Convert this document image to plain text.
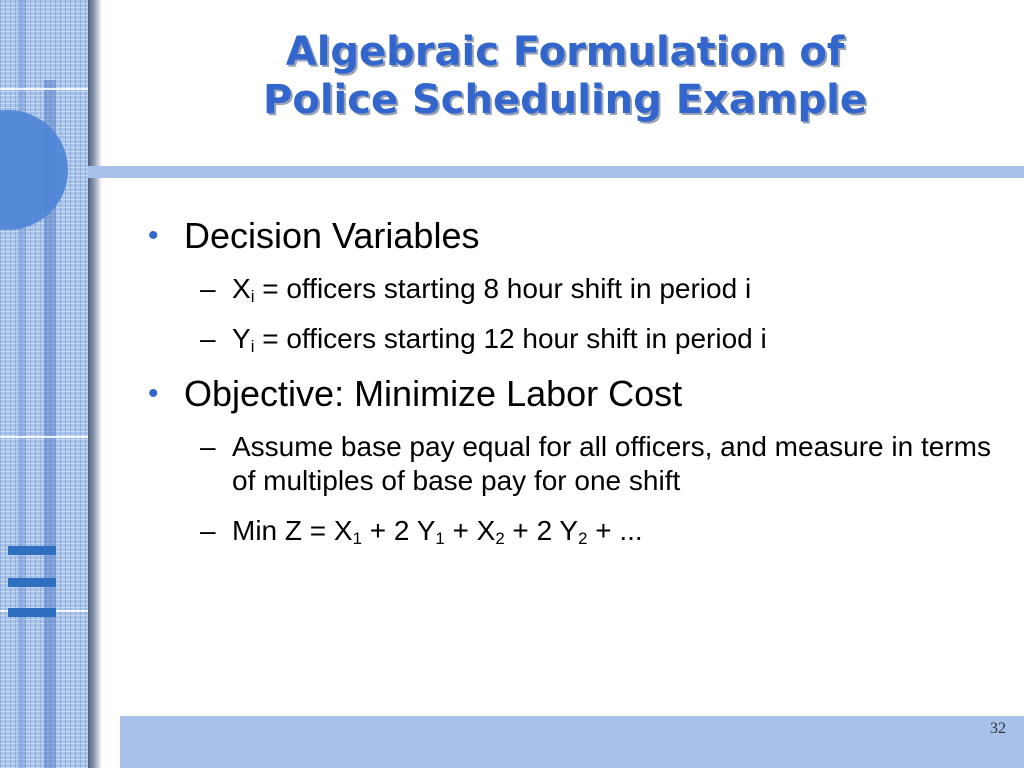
Algebraic Formulation of
Police Scheduling Example
• Decision Variables
– $X_i$ = officers starting 8 hour shift in period i
– $Y_i$ = officers starting 12 hour shift in period i
• Objective: Minimize Labor Cost
– Assume base pay equal for all officers, and measure in terms of multiples of base pay for one shift
– Min $Z = X_1 + 2$ $Y_1 + X_2 + 2$ $Y_2$ + ...
32
